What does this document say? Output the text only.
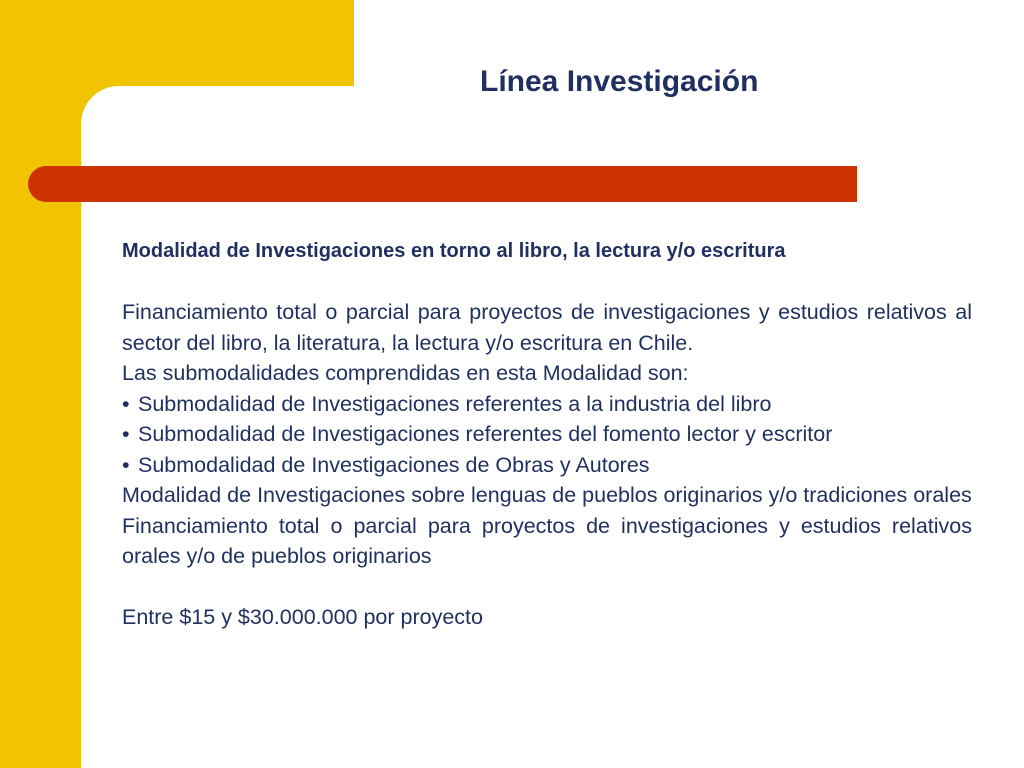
Línea Investigación

Modalidad de Investigaciones en torno al libro, la lectura y/o escritura

Financiamiento total o parcial para proyectos de investigaciones y estudios relativos al sector del libro, la literatura, la lectura y/o escritura en Chile.

Las submodalidades comprendidas en esta Modalidad son:

• Submodalidad de Investigaciones referentes a la industria del libro

• Submodalidad de Investigaciones referentes del fomento lector y escritor

• Submodalidad de Investigaciones de Obras y Autores

Modalidad de Investigaciones sobre lenguas de pueblos originarios y/o tradiciones orales

Financiamiento total o parcial para proyectos de investigaciones y estudios relativos orales y/o de pueblos originarios

Entre $15 y $30.000.000 por proyecto
